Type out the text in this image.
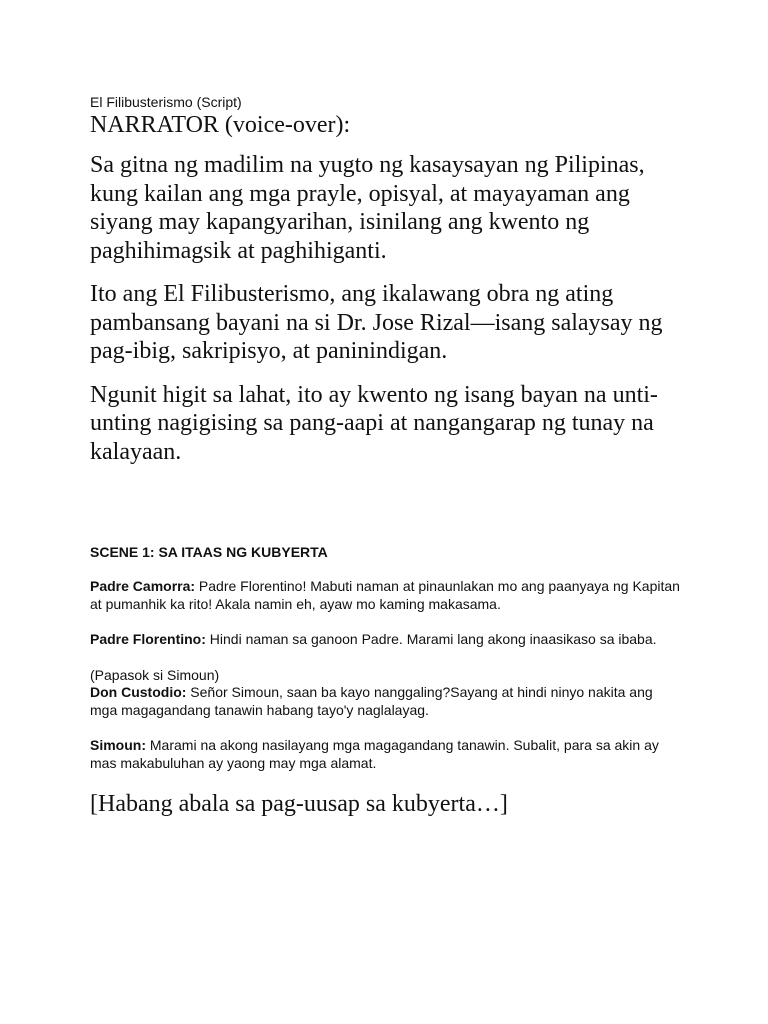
El Filibusterismo (Script)

NARRATOR (voice-over):

Sa gitna ng madilim na yugto ng kasaysayan ng Pilipinas, kung kailan ang mga prayle, opisyal, at mayayaman ang siyang may kapangyarihan, isinilang ang kwento ng paghihimagsik at paghihiganti.

Ito ang El Filibusterismo, ang ikalawang obra ng ating pambansang bayani na si Dr. Jose Rizal—isang salaysay ng pag-ibig, sakripisyo, at paninindigan.

Ngunit higit sa lahat, ito ay kwento ng isang bayan na unti-unting nagigising sa pang-aapi at nangangarap ng tunay na kalayaan.

SCENE 1: SA ITAAS NG KUBYERTA

Padre Camorra: Padre Florentino! Mabuti naman at pinaunlakan mo ang paanyaya ng Kapitan at pumanhik ka rito! Akala namin eh, ayaw mo kaming makasama.

Padre Florentino: Hindi naman sa ganoon Padre. Marami lang akong inaasikaso sa ibaba.

(Papasok si Simoun)

Don Custodio: Señor Simoun, saan ba kayo nanggaling?Sayang at hindi ninyo nakita ang mga magagandang tanawin habang tayo'y naglalayag.

Simoun: Marami na akong nasilayang mga magagandang tanawin. Subalit, para sa akin ay mas makabuluhan ay yaong may mga alamat.

[Habang abala sa pag-uusap sa kubyerta…]
